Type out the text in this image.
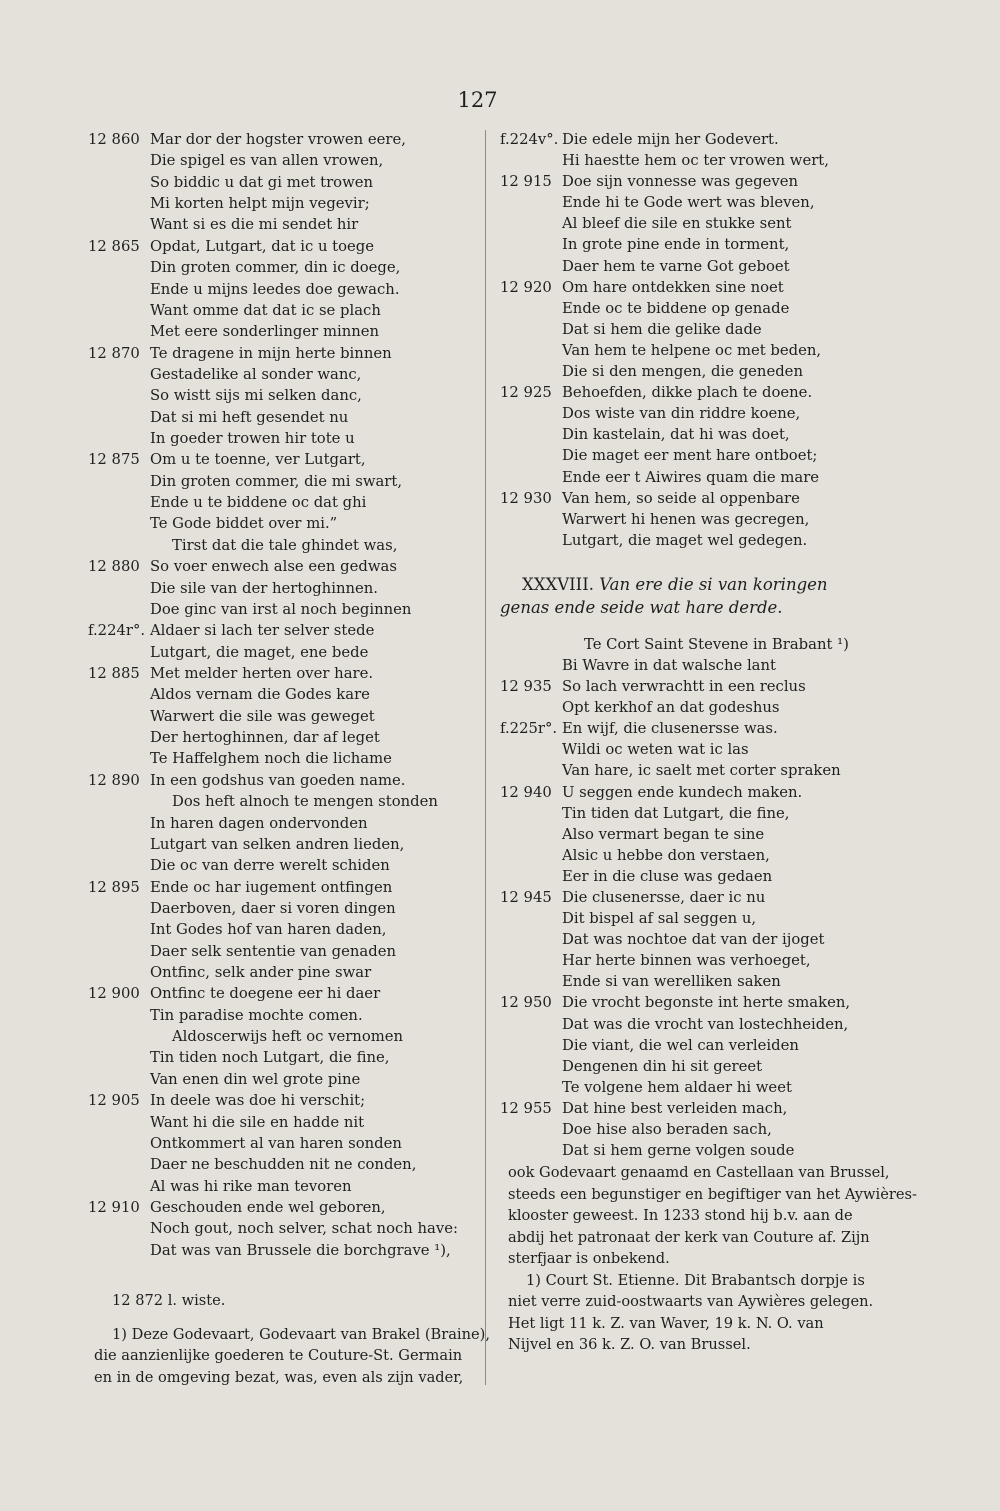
127
12 860 Mar dor der hogster vrowen eere,
Die spigel es van allen vrowen,
So biddic u dat gi met trowen
Mi korten helpt mijn vegevir;
Want si es die mi sendet hir
12 865 Opdat, Lutgart, dat ic u toege
Din groten commer, din ic doege,
Ende u mijns leedes doe gewach.
Want omme dat dat ic se plach
Met eere sonderlinger minnen
12 870 Te dragene in mijn herte binnen
Gestadelike al sonder wanc,
So wistt sijs mi selken danc,
Dat si mi heft gesendet nu
In goeder trowen hir tote u
12 875 Om u te toenne, ver Lutgart,
Din groten commer, die mi swart,
Ende u te biddene oc dat ghi
Te Gode biddet over mi.”
Tirst dat die tale ghindet was,
12 880 So voer enwech alse een gedwas
Die sile van der hertoghinnen.
Doe ginc van irst al noch beginnen
f.224r°. Aldaer si lach ter selver stede
Lutgart, die maget, ene bede
12 885 Met melder herten over hare.
Aldos vernam die Godes kare
Warwert die sile was geweget
Der hertoghinnen, dar af leget
Te Haffelghem noch die lichame
12 890 In een godshus van goeden name.
Dos heft alnoch te mengen stonden
In haren dagen ondervonden
Lutgart van selken andren lieden,
Die oc van derre werelt schiden
12 895 Ende oc har iugement ontfingen
Daerboven, daer si voren dingen
Int Godes hof van haren daden,
Daer selk sententie van genaden
Ontfinc, selk ander pine swar
12 900 Ontfinc te doegene eer hi daer
Tin paradise mochte comen.
Aldoscerwijs heft oc vernomen
Tin tiden noch Lutgart, die fine,
Van enen din wel grote pine
12 905 In deele was doe hi verschit;
Want hi die sile en hadde nit
Ontkommert al van haren sonden
Daer ne beschudden nit ne conden,
Al was hi rike man tevoren
12 910 Geschouden ende wel geboren,
Noch gout, noch selver, schat noch have:
Dat was van Brussele die borchgrave ¹),
f.224v°. Die edele mijn her Godevert.
Hi haestte hem oc ter vrowen wert,
12 915 Doe sijn vonnesse was gegeven
Ende hi te Gode wert was bleven,
Al bleef die sile en stukke sent
In grote pine ende in torment,
Daer hem te varne Got geboet
12 920 Om hare ontdekken sine noet
Ende oc te biddene op genade
Dat si hem die gelike dade
Van hem te helpene oc met beden,
Die si den mengen, die geneden
12 925 Behoefden, dikke plach te doene.
Dos wiste van din riddre koene,
Din kastelain, dat hi was doet,
Die maget eer ment hare ontboet;
Ende eer t Aiwires quam die mare
12 930 Van hem, so seide al oppenbare
Warwert hi henen was gecregen,
Lutgart, die maget wel gedegen.
XXXVIII. Van ere die si van koringen
genas ende seide wat hare derde.
Te Cort Saint Stevene in Brabant ¹)
Bi Wavre in dat walsche lant
12 935 So lach verwrachtt in een reclus
Opt kerkhof an dat godeshus
f.225r°. En wijf, die clusenersse was.
Wildi oc weten wat ic las
Van hare, ic saelt met corter spraken
12 940 U seggen ende kundech maken.
Tin tiden dat Lutgart, die fine,
Also vermart began te sine
Alsic u hebbe don verstaen,
Eer in die cluse was gedaen
12 945 Die clusenersse, daer ic nu
Dit bispel af sal seggen u,
Dat was nochtoe dat van der ijoget
Har herte binnen was verhoeget,
Ende si van werelliken saken
12 950 Die vrocht begonste int herte smaken,
Dat was die vrocht van lostechheiden,
Die viant, die wel can verleiden
Dengenen din hi sit gereet
Te volgene hem aldaer hi weet
12 955 Dat hine best verleiden mach,
Doe hise also beraden sach,
Dat si hem gerne volgen soude
12 872 l. wiste.
1) Deze Godevaart, Godevaart van Brakel (Braine),
die aanzienlijke goederen te Couture-St. Germain
en in de omgeving bezat, was, even als zijn vader,
ook Godevaart genaamd en Castellaan van Brussel,
steeds een begunstiger en begiftiger van het Aywières-
klooster geweest. In 1233 stond hij b.v. aan de
abdij het patronaat der kerk van Couture af. Zijn
sterfjaar is onbekend.
1) Court St. Etienne. Dit Brabantsch dorpje is
niet verre zuid-oostwaarts van Aywières gelegen.
Het ligt 11 k. Z. van Waver, 19 k. N. O. van
Nijvel en 36 k. Z. O. van Brussel.
